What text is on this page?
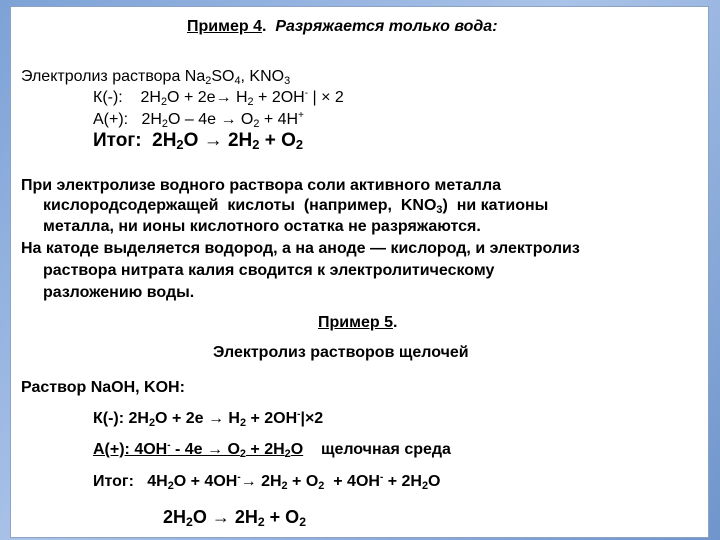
Пример 4. Разряжается только вода:
Электролиз раствора $Na_2SO_4$, $KNO_3$
К(-): $2H_2O + 2e\to H_2 + 2OH^-$ | × 2
А(+): $2H_2O - 4e \to O_2 + 4H^+$
Итог: $2H_2O \to 2H_2 + O_2$
При электролизе водного раствора соли активного металла
кислородсодержащей  кислоты  (например,  $KNO_3$)  ни катионы
металла, ни ионы кислотного остатка не разряжаются.
На катоде выделяется водород, а на аноде — кислород, и электролиз
раствора нитрата калия сводится к электролитическому
разложению воды.
Пример 5.
Электролиз растворов щелочей
Раствор NaOH, KOH:
К(-): $2H_2O + 2e \to H_2 + 2OH^-|\times 2$
А(+): $4OH^- - 4e \to O_2 + 2H_2O$ щелочная среда
Итог: $4H_2O + 4OH^-\to 2H_2 + O_2 + 4OH^- + 2H_2O$
$2H_2O \to 2H_2 + O_2$
